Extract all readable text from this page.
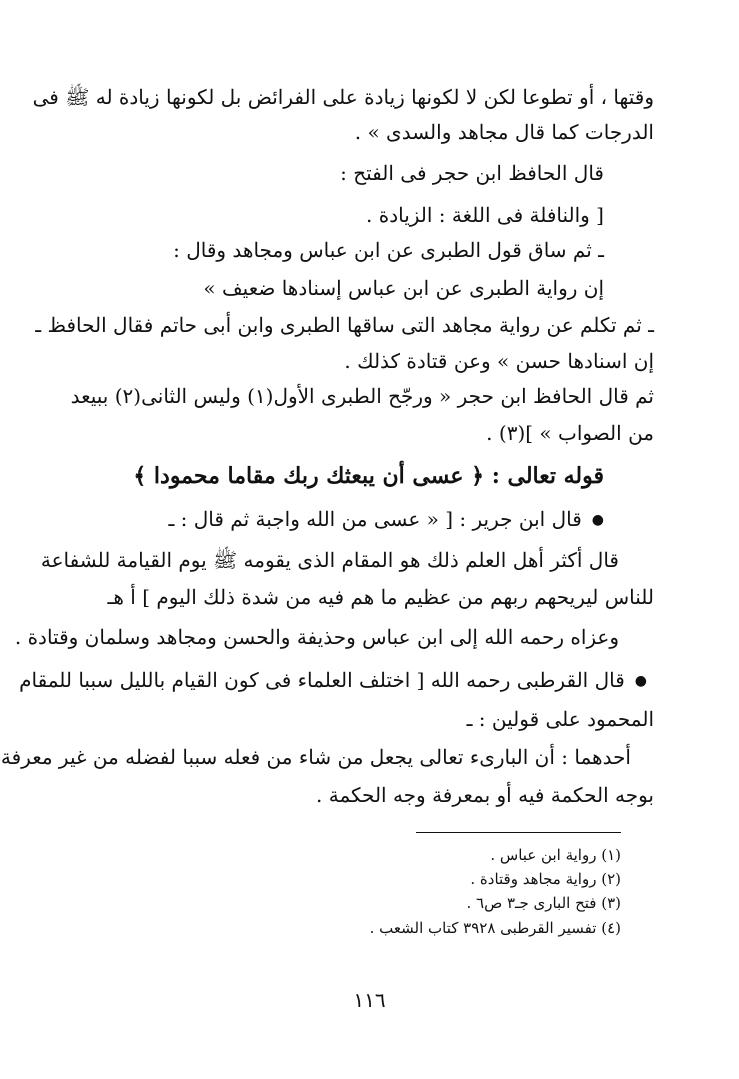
وقتها ، أو تطوعا لكن لا لكونها زيادة على الفرائض بل لكونها زيادة له ﷺ فى
الدرجات كما قال مجاهد والسدى » .
قال الحافظ ابن حجر فى الفتح :
[ والنافلة فى اللغة : الزيادة .
ـ ثم ساق قول الطبرى عن ابن عباس ومجاهد وقال :
إن رواية الطبرى عن ابن عباس إسنادها ضعيف »
ـ ثم تكلم عن رواية مجاهد التى ساقها الطبرى وابن أبى حاتم فقال الحافظ ـ
إن اسنادها حسن » وعن قتادة كذلك .
ثم قال الحافظ ابن حجر « ورجّح الطبرى الأول(١) وليس الثانى(٢) ببيعد
من الصواب » ](٣) .
قوله تعالى : ﴿ عسى أن يبعثك ربك مقاما محمودا ﴾
● قال ابن جرير : [ « عسى من الله واجبة ثم قال : ـ
قال أكثر أهل العلم ذلك هو المقام الذى يقومه ﷺ يوم القيامة للشفاعة
للناس ليريحهم ربهم من عظيم ما هم فيه من شدة ذلك اليوم ] أ هـ
وعزاه رحمه الله إلى ابن عباس وحذيفة والحسن ومجاهد وسلمان وقتادة .
● قال القرطبى رحمه الله [ اختلف العلماء فى كون القيام بالليل سببا للمقام
المحمود على قولين : ـ
أحدهما : أن البارىء تعالى يجعل من شاء من فعله سببا لفضله من غير معرفة
بوجه الحكمة فيه أو بمعرفة وجه الحكمة .
(١) رواية ابن عباس .
(٢) رواية مجاهد وقتادة .
(٣) فتح البارى جـ٣ ص٦ .
(٤) تفسير القرطبى ٣٩٢٨ كتاب الشعب .
١١٦
